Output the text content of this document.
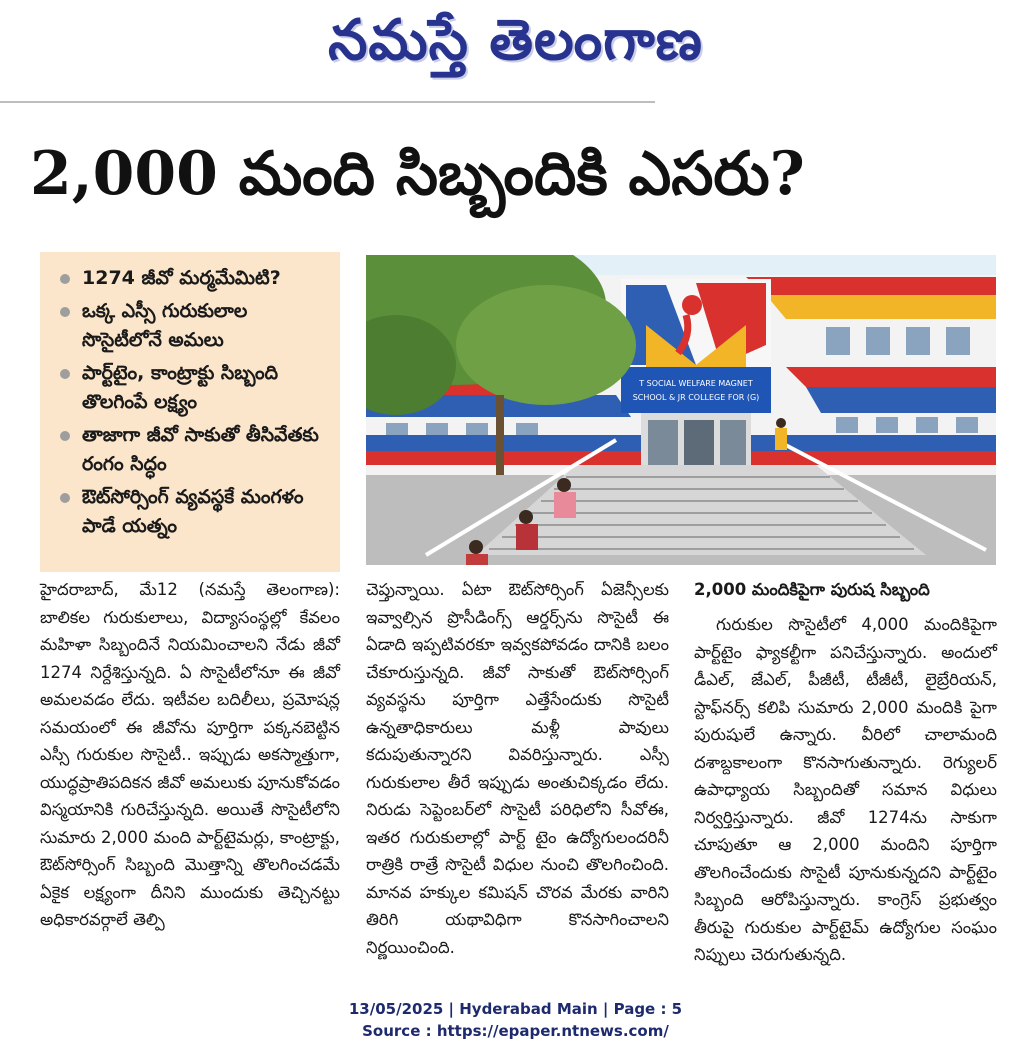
నమస్తే తెలంగాణ
2,000 మంది సిబ్బందికి ఎసరు?
1274 జీవో మర్మమేమిటి?
ఒక్క ఎస్సీ గురుకులాల సొసైటీలోనే అమలు
పార్ట్‌టైం, కాంట్రాక్టు సిబ్బంది తొలగింపే లక్ష్యం
తాజాగా జీవో సాకుతో తీసివేతకు రంగం సిద్ధం
ఔట్‌సోర్సింగ్ వ్యవస్థకే మంగళం పాడే యత్నం
T SOCIAL WELFARE MAGNET
SCHOOL & JR COLLEGE FOR (G)
హైదరాబాద్, మే12 (నమస్తే తెలంగాణ): బాలికల గురుకులాలు, విద్యాసంస్థల్లో కేవలం మహిళా సిబ్బందినే నియమించాలని నేడు జీవో 1274 నిర్దేశిస్తున్నది. ఏ సొసైటీలోనూ ఈ జీవో అమలవడం లేదు. ఇటీవల బదిలీలు, ప్రమోషన్ల సమయంలో ఈ జీవోను పూర్తిగా పక్కనబెట్టిన ఎస్సీ గురుకుల సొసైటీ.. ఇప్పుడు అకస్మాత్తుగా, యుద్ధప్రాతిపదికన జీవో అమలుకు పూనుకోవడం విస్మయానికి గురిచేస్తున్నది. అయితే సొసైటీలోని సుమారు 2,000 మంది పార్ట్‌టైమర్లు, కాంట్రాక్టు, ఔట్‌సోర్సింగ్ సిబ్బంది మొత్తాన్ని తొలగించడమే ఏకైక లక్ష్యంగా దీనిని ముందుకు తెచ్చినట్టు అధికారవర్గాలే తెల్పి
చెప్తున్నాయి. ఏటా ఔట్‌సోర్సింగ్ ఏజెన్సీలకు ఇవ్వాల్సిన ప్రొసీడింగ్స్ ఆర్డర్స్‌ను సొసైటీ ఈ ఏడాది ఇప్పటివరకూ ఇవ్వకపోవడం దానికి బలం చేకూరుస్తున్నది. జీవో సాకుతో ఔట్‌సోర్సింగ్ వ్యవస్థను పూర్తిగా ఎత్తేసేందుకు సొసైటీ ఉన్నతాధికారులు మళ్లీ పావులు కదుపుతున్నారని వివరిస్తున్నారు. ఎస్సీ గురుకులాల తీరే ఇప్పుడు అంతుచిక్కడం లేదు. నిరుడు సెప్టెంబర్‌లో సొసైటీ పరిధిలోని సీవోఈ, ఇతర గురుకులాల్లో పార్ట్ టైం ఉద్యోగులందరినీ రాత్రికి రాత్రే సొసైటీ విధుల నుంచి తొలగించింది. మానవ హక్కుల కమిషన్ చొరవ మేరకు వారిని తిరిగి యథావిధిగా కొనసాగించాలని నిర్ణయించింది.
2,000 మందికిపైగా పురుష సిబ్బంది
గురుకుల సొసైటీలో 4,000 మందికిపైగా పార్ట్‌టైం ఫ్యాకల్టీగా పనిచేస్తున్నారు. అందులో డీఎల్, జేఎల్, పీజీటీ, టీజీటీ, లైబ్రేరియన్, స్టాఫ్‌నర్స్ కలిపి సుమారు 2,000 మందికి పైగా పురుషులే ఉన్నారు. వీరిలో చాలామంది దశాబ్దకాలంగా కొనసాగుతున్నారు. రెగ్యులర్ ఉపాధ్యాయ సిబ్బందితో సమాన విధులు నిర్వర్తిస్తున్నారు. జీవో 1274ను సాకుగా చూపుతూ ఆ 2,000 మందిని పూర్తిగా తొలగించేందుకు సొసైటీ పూనుకున్నదని పార్ట్‌టైం సిబ్బంది ఆరోపిస్తున్నారు. కాంగ్రెస్ ప్రభుత్వం తీరుపై గురుకుల పార్ట్‌టైమ్ ఉద్యోగుల సంఘం నిప్పులు చెరుగుతున్నది.
13/05/2025 | Hyderabad Main | Page : 5
Source : https://epaper.ntnews.com/
